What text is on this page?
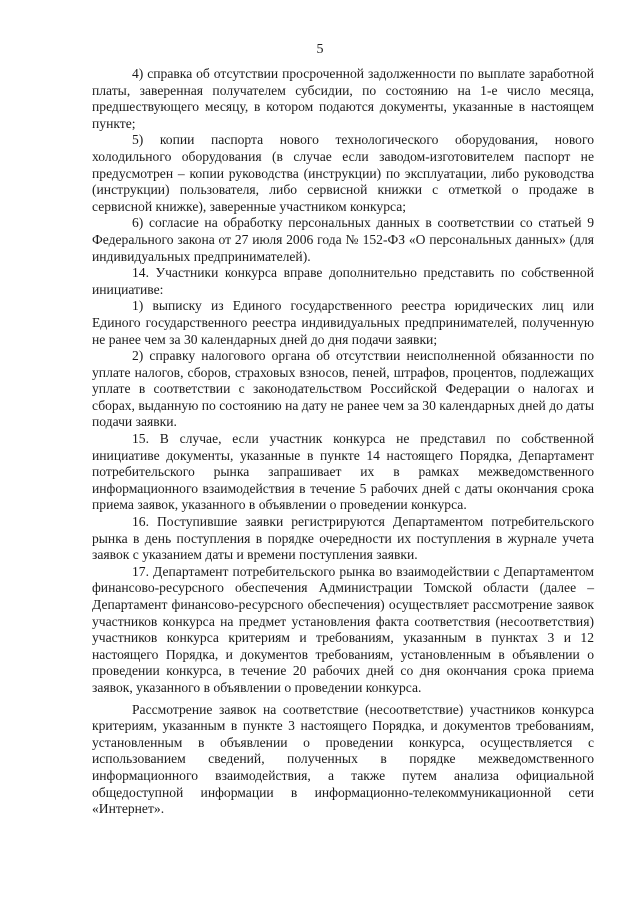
5

4) справка об отсутствии просроченной задолженности по выплате заработной платы, заверенная получателем субсидии, по состоянию на 1-е число месяца, предшествующего месяцу, в котором подаются документы, указанные в настоящем пункте;

5) копии паспорта нового технологического оборудования, нового холодильного оборудования (в случае если заводом-изготовителем паспорт не предусмотрен – копии руководства (инструкции) по эксплуатации, либо руководства (инструкции) пользователя, либо сервисной книжки с отметкой о продаже в сервисной книжке), заверенные участником конкурса;

6) согласие на обработку персональных данных в соответствии со статьей 9 Федерального закона от 27 июля 2006 года № 152-ФЗ «О персональных данных» (для индивидуальных предпринимателей).

14. Участники конкурса вправе дополнительно представить по собственной инициативе:

1) выписку из Единого государственного реестра юридических лиц или Единого государственного реестра индивидуальных предпринимателей, полученную не ранее чем за 30 календарных дней до дня подачи заявки;

2) справку налогового органа об отсутствии неисполненной обязанности по уплате налогов, сборов, страховых взносов, пеней, штрафов, процентов, подлежащих уплате в соответствии с законодательством Российской Федерации о налогах и сборах, выданную по состоянию на дату не ранее чем за 30 календарных дней до даты подачи заявки.

15. В случае, если участник конкурса не представил по собственной инициативе документы, указанные в пункте 14 настоящего Порядка, Департамент потребительского рынка запрашивает их в рамках межведомственного информационного взаимодействия в течение 5 рабочих дней с даты окончания срока приема заявок, указанного в объявлении о проведении конкурса.

16. Поступившие заявки регистрируются Департаментом потребительского рынка в день поступления в порядке очередности их поступления в журнале учета заявок с указанием даты и времени поступления заявки.

17. Департамент потребительского рынка во взаимодействии с Департаментом финансово-ресурсного обеспечения Администрации Томской области (далее – Департамент финансово-ресурсного обеспечения) осуществляет рассмотрение заявок участников конкурса на предмет установления факта соответствия (несоответствия) участников конкурса критериям и требованиям, указанным в пунктах 3 и 12 настоящего Порядка, и документов требованиям, установленным в объявлении о проведении конкурса, в течение 20 рабочих дней со дня окончания срока приема заявок, указанного в объявлении о проведении конкурса.

Рассмотрение заявок на соответствие (несоответствие) участников конкурса критериям, указанным в пункте 3 настоящего Порядка, и документов требованиям, установленным в объявлении о проведении конкурса, осуществляется с использованием сведений, полученных в порядке межведомственного информационного взаимодействия, а также путем анализа официальной общедоступной информации в информационно-телекоммуникационной сети «Интернет».
